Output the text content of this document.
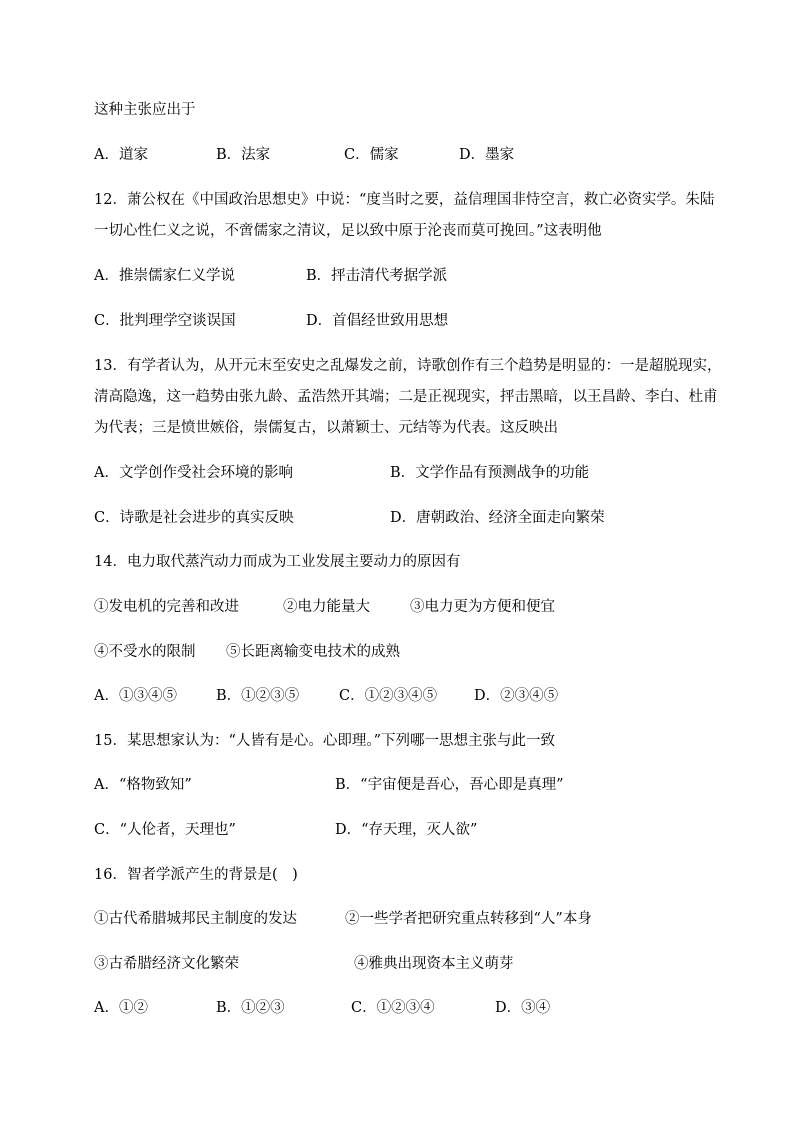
这种主张应出于
A．道家	B．法家	C．儒家	D．墨家
12．萧公权在《中国政治思想史》中说：“度当时之要，益信理国非恃空言，救亡必资实学。朱陆
一切心性仁义之说，不啻儒家之清议，足以致中原于沦丧而莫可挽回。”这表明他
A．推崇儒家仁义学说	B．抨击清代考据学派
C．批判理学空谈误国	D．首倡经世致用思想
13．有学者认为，从开元末至安史之乱爆发之前，诗歌创作有三个趋势是明显的：一是超脱现实，
清高隐逸，这一趋势由张九龄、孟浩然开其端；二是正视现实，抨击黑暗，以王昌龄、李白、杜甫
为代表；三是愤世嫉俗，崇儒复古，以萧颖士、元结等为代表。这反映出
A．文学创作受社会环境的影响	B．文学作品有预测战争的功能
C．诗歌是社会进步的真实反映	D．唐朝政治、经济全面走向繁荣
14．电力取代蒸汽动力而成为工业发展主要动力的原因有
①发电机的完善和改进	②电力能量大	③电力更为方便和便宜
④不受水的限制 ⑤长距离输变电技术的成熟
A．①③④⑤	B．①②③⑤	C．①②③④⑤	D．②③④⑤
15．某思想家认为：“人皆有是心。心即理。”下列哪一思想主张与此一致
A．“格物致知”	B．“宇宙便是吾心，吾心即是真理”
C．“人伦者，天理也”	D．“存天理，灭人欲”
16．智者学派产生的背景是(　)
①古代希腊城邦民主制度的发达	②一些学者把研究重点转移到“人”本身
③古希腊经济文化繁荣	④雅典出现资本主义萌芽
A．①②	B．①②③	C．①②③④	D．③④
